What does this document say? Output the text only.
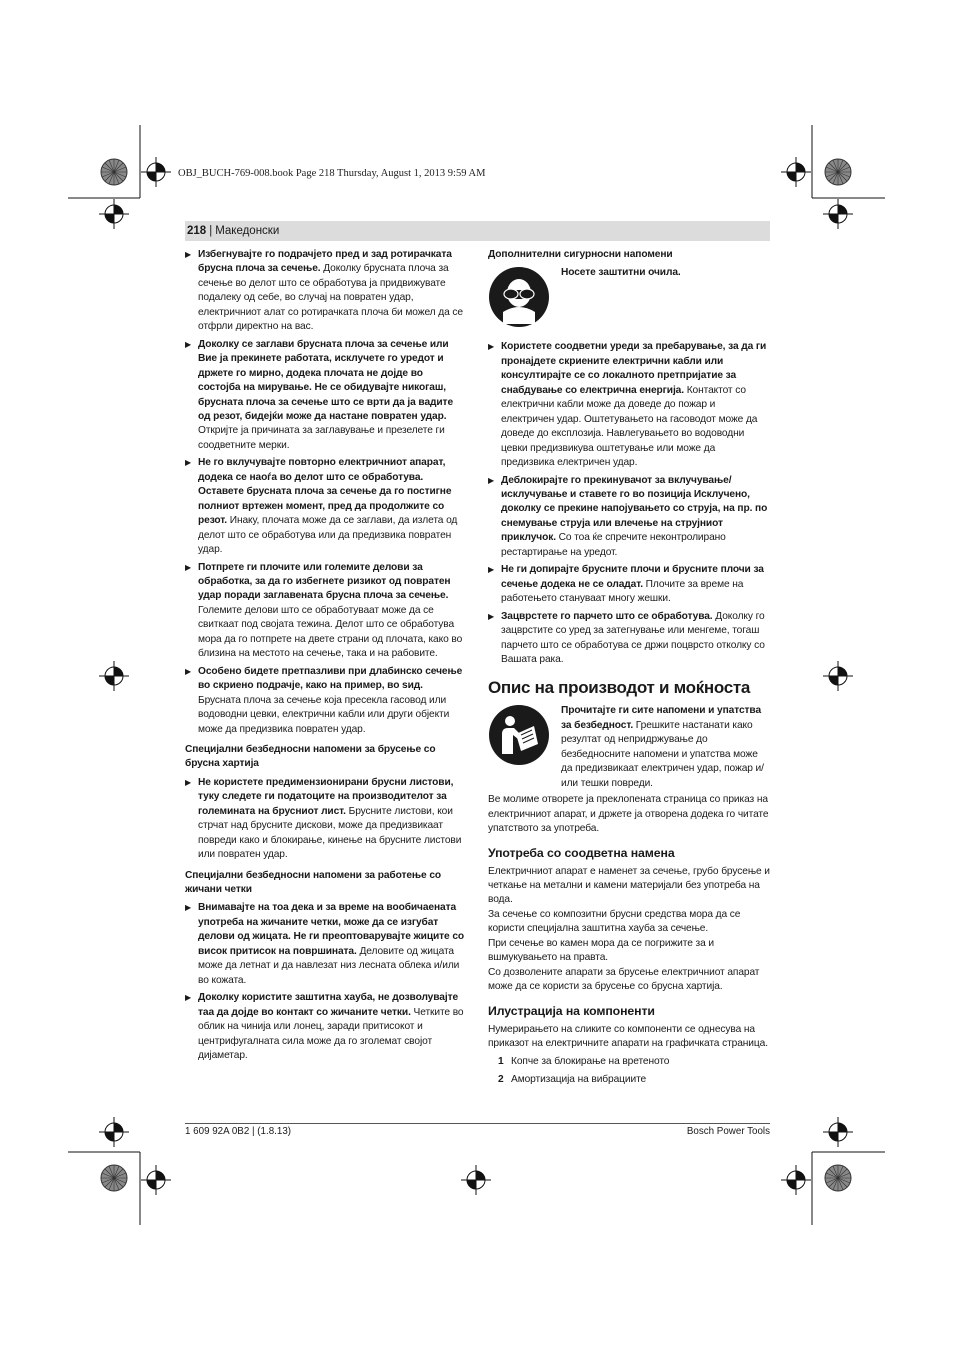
OBJ_BUCH-769-008.book Page 218 Thursday, August 1, 2013 9:59 AM
218 | Македонски
▶ Избегнувајте го подрачјето пред и зад ротирачката брусна плоча за сечење. Доколку брусната плоча за сечење во делот што се обработува ја придвижувате подалеку од себе, во случај на повратен удар, електричниот алат со ротирачката плоча би можел да се отфрли директно на вас.
▶ Доколку се заглави брусната плоча за сечење или Вие ја прекинете работата, исклучете го уредот и држете го мирно, додека плочата не дојде во состојба на мирување. Не се обидувајте никогаш, брусната плоча за сечење што се врти да ја вадите од резот, бидејќи може да настане повратен удар. Откријте ја причината за заглавување и презелете ги соодветните мерки.
▶ Не го вклучувајте повторно електричниот апарат, додека се наоѓа во делот што се обработува. Оставете брусната плоча за сечење да го постигне полниот вртежен момент, пред да продолжите со резот. Инаку, плочата може да се заглави, да излета од делот што се обработува или да предизвика повратен удар.
▶ Потпрете ги плочите или големите делови за обработка, за да го избегнете ризикот од повратен удар поради заглавената брусна плоча за сечење. Големите делови што се обработуваат може да се свиткаат под својата тежина. Делот што се обработува мора да го потпрете на двете страни од плочата, како во близина на местото на сечење, така и на рабовите.
▶ Особено бидете претпазливи при длабинско сечење во скриено подрачје, како на пример, во sид. Брусната плоча за сечење која пресекла гасовод или водоводни цевки, електрични кабли или други објекти може да предизвика повратен удар.
Специјални безбедносни напомени за брусење со брусна хартија
▶ Не користете предимензионирани брусни листови, туку следете ги податоците на производителот за големината на брусниот лист. Брусните листови, кои стрчат над брусните дискови, може да предизвикаат повреди како и блокирање, кинење на брусните листови или повратен удар.
Специјални безбедносни напомени за работење со жичани четки
▶ Внимавајте на тоа дека и за време на вообичаената употреба на жичаните четки, може да се изгубат делови од жицата. Не ги преоптоварувајте жиците со висок притисок на површината. Деловите од жицата може да летнат и да навлезат низ лесната облека и/или во кожата.
▶ Доколку користите заштитна хауба, не дозволувајте таа да дојде во контакт со жичаните четки. Четките во облик на чинија или лонец, заради притисокот и центрифугалната сила може да го зголемат својот дијаметар.
Дополнителни сигурносни напомени
Носете заштитни очила.
▶ Користете соодветни уреди за пребарување, за да ги пронајдете скриените електрични кабли или консултирајте се со локалното претпријатие за снабдување со електрична енергија. Контактот со електрични кабли може да доведе до пожар и електричен удар. Оштетувањето на гасоводот може да доведе до експлозија. Навлегувањето во водоводни цевки предизвикува оштетување или може да предизвика електричен удар.
▶ Деблокирајте го прекинувачот за вклучување/ исклучување и ставете го во позиција Исклучено, доколку се прекине напојувањето со струја, на пр. по снемување струја или влечење на струјниот приклучок. Со тоа ќе спречите неконтролирано рестартирање на уредот.
▶ Не ги допирајте брусните плочи и брусните плочи за сечење додека не се оладат. Плочите за време на работењето стануваат многу жешки.
▶ Зацврстете го парчето што се обработува. Доколку го зацврстите со уред за затегнување или менгеме, тогаш парчето што се обработува се држи поцврсто отколку со Вашата рака.
Опис на производот и моќноста
Прочитајте ги сите напомени и упатства за безбедност. Грешките настанати како резултат од непридржување до безбедносните напомени и упатства може да предизвикаат електричен удар, пожар и/или тешки повреди.
Ве молиме отворете ја преклопената страница со приказ на електричниот апарат, и држете ја отворена додека го читате упатството за употреба.
Употреба со соодветна намена
Електричниот апарат е наменет за сечење, грубо брусење и четкање на метални и камени материјали без употреба на вода.
За сечење со композитни брусни средства мора да се користи специјална заштитна хауба за сечење.
При сечење во камен мора да се погрижите за и вшмукувањето на правта.
Со дозволените апарати за брусење електричниот апарат може да се користи за брусење со брусна хартија.
Илустрација на компоненти
Нумерирањето на сликите со компоненти се однесува на приказот на електричните апарати на графичката страница.
1 Копче за блокирање на вретеното
2 Амортизација на вибрациите
1 609 92A 0B2 | (1.8.13)	Bosch Power Tools
